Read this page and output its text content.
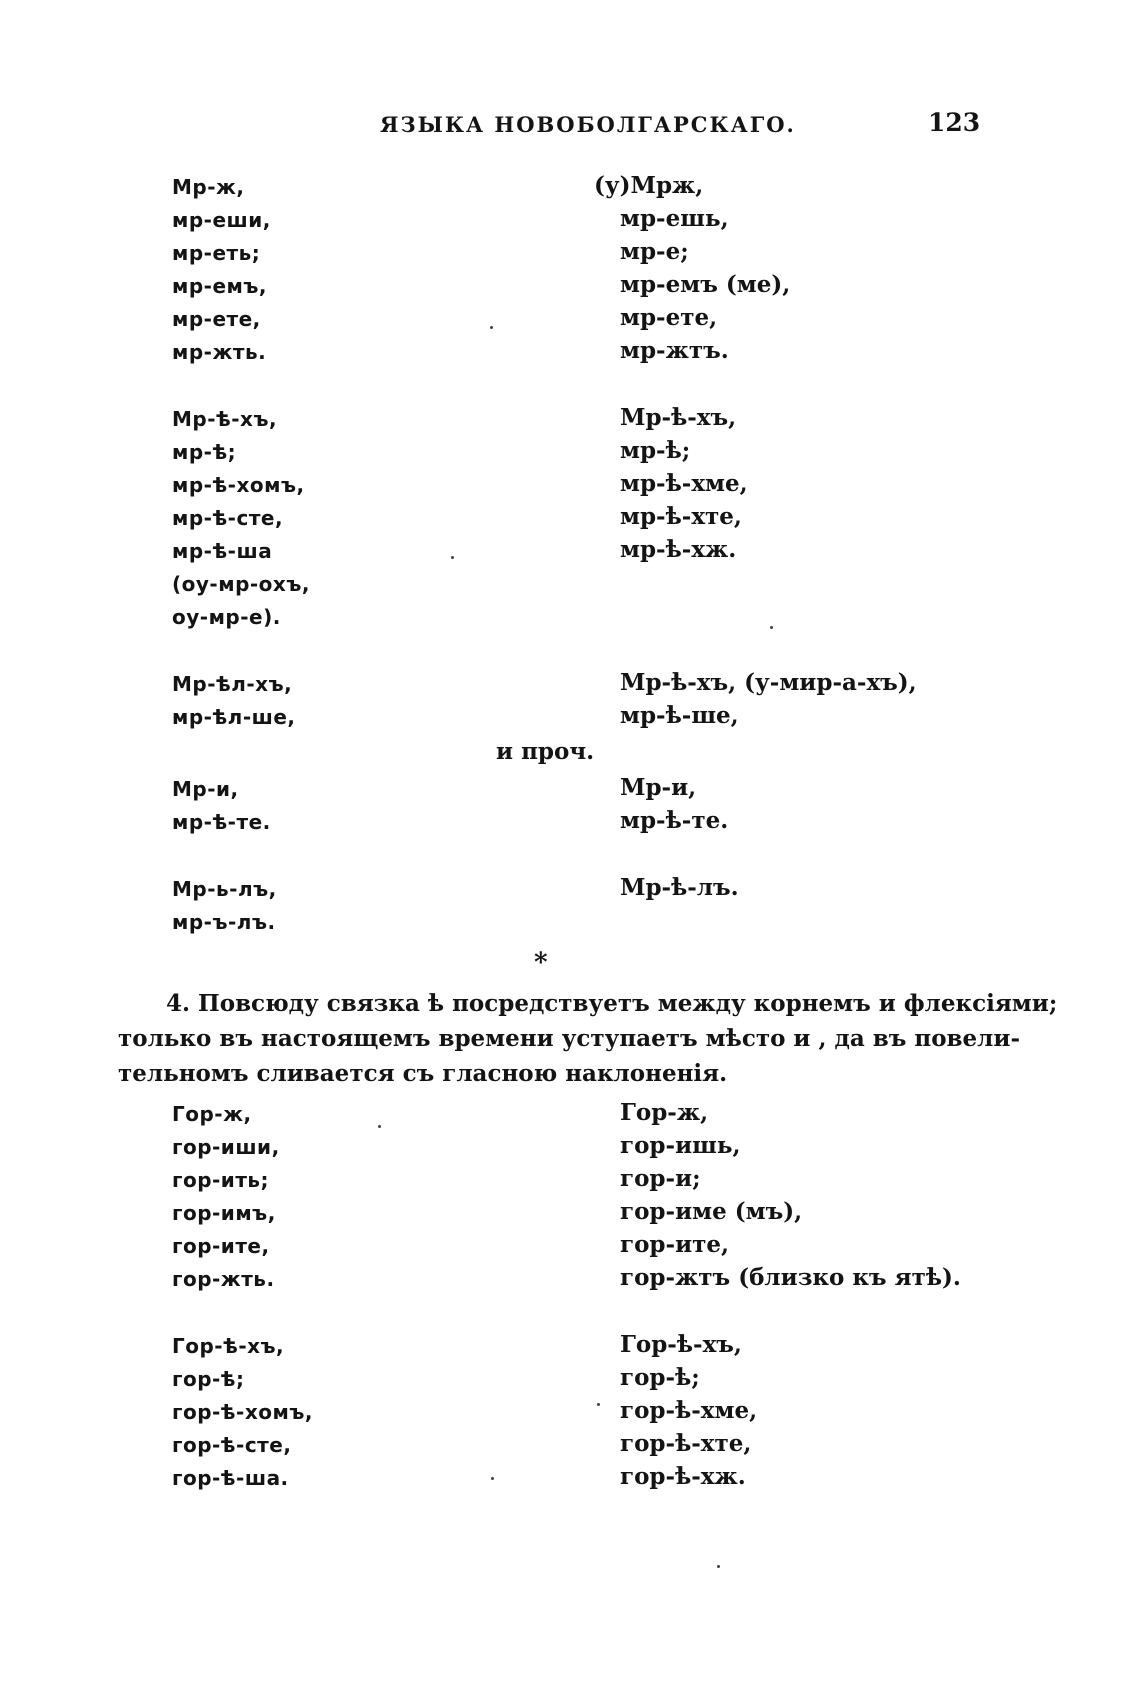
ЯЗЫКА НОВОБОЛГАРСКАГО.	123
Мр-ж,
мр-еши,
мр-еть;
мр-емъ,
мр-ете,
мр-жть.
(у)Мрж,
мр-ешь,
мр-е;
мр-емъ (ме),
мр-ете,
мр-жтъ.
Мр-ѣ-хъ,
мр-ѣ;
мр-ѣ-хомъ,
мр-ѣ-сте,
мр-ѣ-ша
(оу-мр-охъ,
оу-мр-е).
Мр-ѣ-хъ,
мр-ѣ;
мр-ѣ-хме,
мр-ѣ-хте,
мр-ѣ-хж.
Мр-ѣл-хъ,
мр-ѣл-ше,
Мр-ѣ-хъ, (у-мир-а-хъ),
мр-ѣ-ше,
и проч.
Мр-и,
мр-ѣ-те.
Мр-и,
мр-ѣ-те.
Мр-ь-лъ,
мр-ъ-лъ.
Мр-ѣ-лъ.
*
4. Повсюду связка ѣ посредствуетъ между корнемъ и флексiями;
только въ настоящемъ времени уступаетъ мѣсто и , да въ повели-
тельномъ сливается съ гласною наклоненiя.
Гор-ж,
гор-иши,
гор-ить;
гор-имъ,
гор-ите,
гор-жть.
Гор-ж,
гор-ишь,
гор-и;
гор-име (мъ),
гор-ите,
гор-жтъ (близко къ ятѣ).
Гор-ѣ-хъ,
гор-ѣ;
гор-ѣ-хомъ,
гор-ѣ-сте,
гор-ѣ-ша.
Гор-ѣ-хъ,
гор-ѣ;
гор-ѣ-хме,
гор-ѣ-хте,
гор-ѣ-хж.
